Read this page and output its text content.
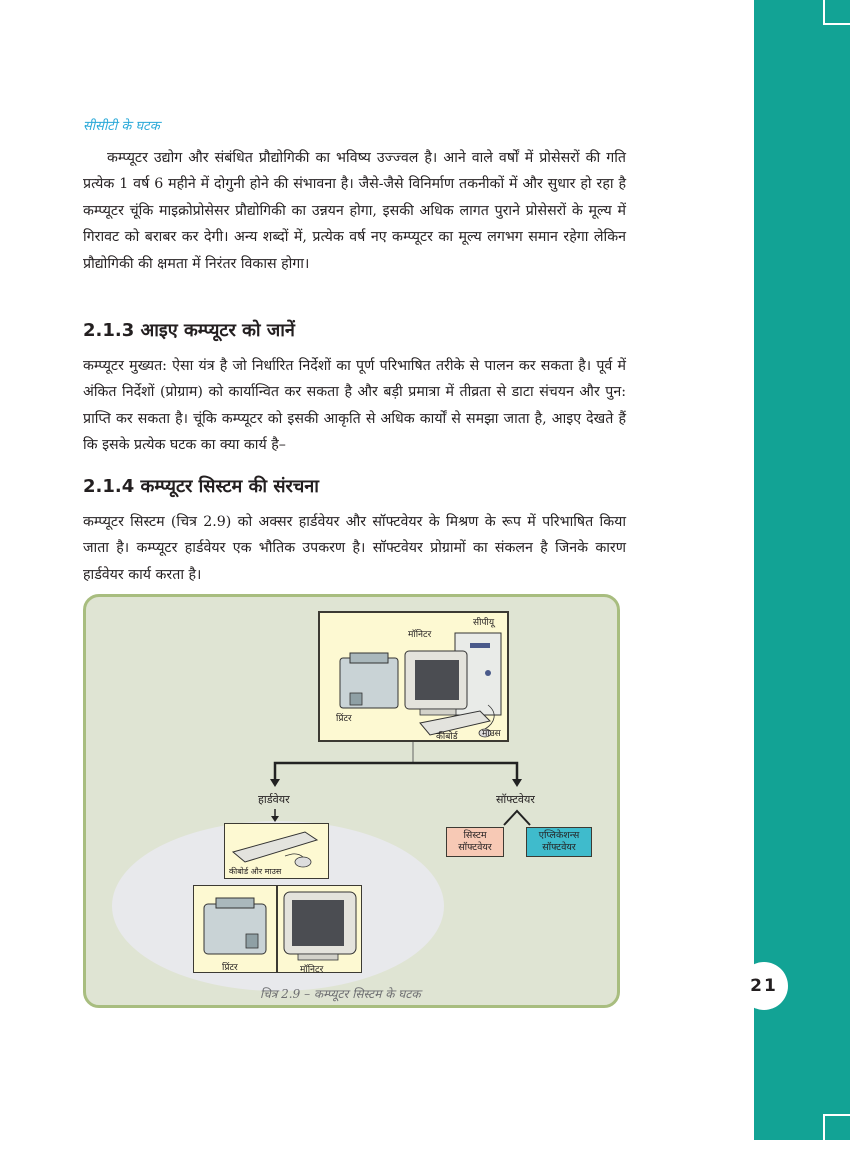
21
सीसीटी के घटक
कम्प्यूटर उद्योग और संबंधित प्रौद्योगिकी का भविष्य उज्ज्वल है। आने वाले वर्षों में प्रोसेसरों की गति प्रत्येक 1 वर्ष 6 महीने में दोगुनी होने की संभावना है। जैसे-जैसे विनिर्माण तकनीकों में और सुधार हो रहा है कम्प्यूटर चूंकि माइक्रोप्रोसेसर प्रौद्योगिकी का उन्नयन होगा, इसकी अधिक लागत पुराने प्रोसेसरों के मूल्य में गिरावट को बराबर कर देगी। अन्य शब्दों में, प्रत्येक वर्ष नए कम्प्यूटर का मूल्य लगभग समान रहेगा लेकिन प्रौद्योगिकी की क्षमता में निरंतर विकास होगा।
2.1.3 आइए कम्प्यूटर को जानें
कम्प्यूटर मुख्यत: ऐसा यंत्र है जो निर्धारित निर्देशों का पूर्ण परिभाषित तरीके से पालन कर सकता है। पूर्व में अंकित निर्देशों (प्रोग्राम) को कार्यान्वित कर सकता है और बड़ी प्रमात्रा में तीव्रता से डाटा संचयन और पुन: प्राप्ति कर सकता है। चूंकि कम्प्यूटर को इसकी आकृति से अधिक कार्यों से समझा जाता है, आइए देखते हैं कि इसके प्रत्येक घटक का क्या कार्य है–
2.1.4 कम्प्यूटर सिस्टम की संरचना
कम्प्यूटर सिस्टम (चित्र 2.9) को अक्सर हार्डवेयर और सॉफ्टवेयर के मिश्रण के रूप में परिभाषित किया जाता है। कम्प्यूटर हार्डवेयर एक भौतिक उपकरण है। सॉफ्टवेयर प्रोग्रामों का संकलन है जिनके कारण हार्डवेयर कार्य करता है।
सीपीयू
मॉनिटर
प्रिंटर
कीबोर्ड	माउस
हार्डवेयर	सॉफ्टवेयर
कीबोर्ड और माउस
प्रिंटर	मॉनिटर
सिस्टम
सॉफ्टवेयर
एप्लिकेशन्स
सॉफ्टवेयर
चित्र 2.9 – कम्प्यूटर सिस्टम के घटक
